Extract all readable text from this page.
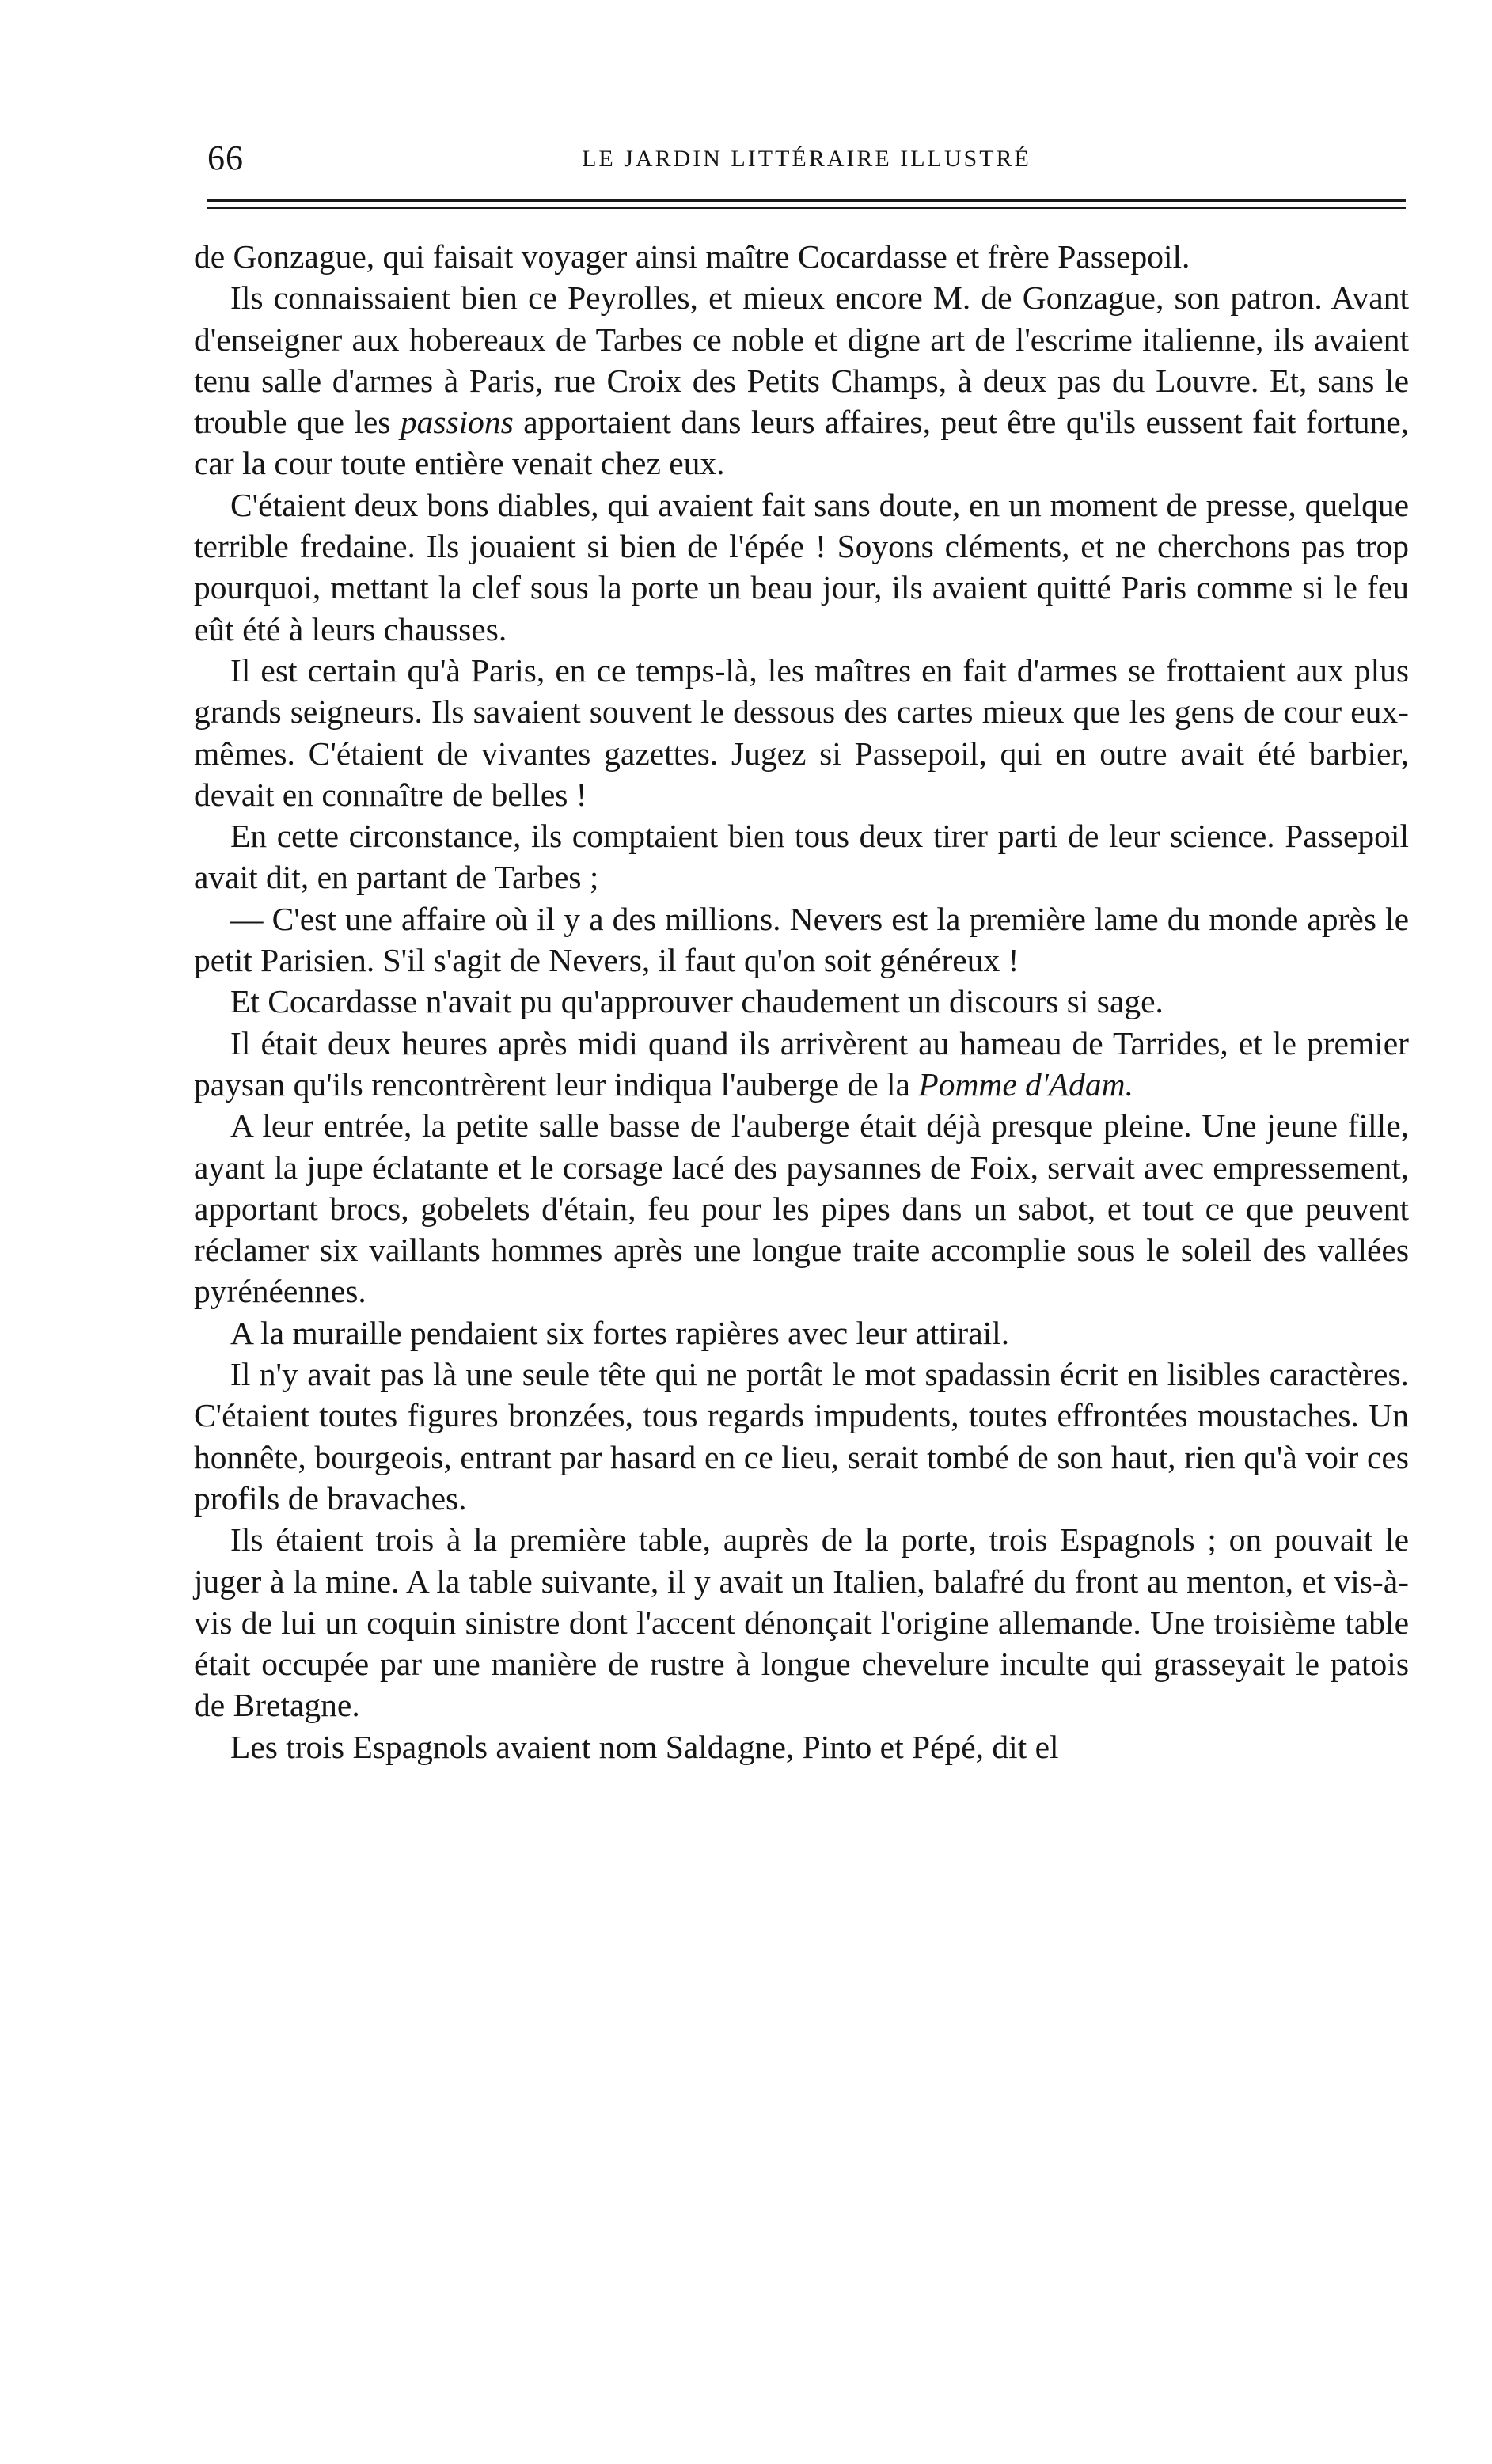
66	LE JARDIN LITTÉRAIRE ILLUSTRÉ

de Gonzague, qui faisait voyager ainsi maître Cocardasse et frère Passepoil.

Ils connaissaient bien ce Peyrolles, et mieux encore M. de Gonzague, son patron. Avant d'enseigner aux hobereaux de Tarbes ce noble et digne art de l'escrime italienne, ils avaient tenu salle d'armes à Paris, rue Croix des Petits Champs, à deux pas du Louvre. Et, sans le trouble que les passions apportaient dans leurs affaires, peut être qu'ils eussent fait fortune, car la cour toute entière venait chez eux.

C'étaient deux bons diables, qui avaient fait sans doute, en un moment de presse, quelque terrible fredaine. Ils jouaient si bien de l'épée ! Soyons cléments, et ne cherchons pas trop pourquoi, mettant la clef sous la porte un beau jour, ils avaient quitté Paris comme si le feu eût été à leurs chausses.

Il est certain qu'à Paris, en ce temps-là, les maîtres en fait d'armes se frottaient aux plus grands seigneurs. Ils savaient souvent le dessous des cartes mieux que les gens de cour eux-mêmes. C'étaient de vivantes gazettes. Jugez si Passepoil, qui en outre avait été barbier, devait en connaître de belles !

En cette circonstance, ils comptaient bien tous deux tirer parti de leur science. Passepoil avait dit, en partant de Tarbes ;

— C'est une affaire où il y a des millions. Nevers est la première lame du monde après le petit Parisien. S'il s'agit de Nevers, il faut qu'on soit généreux !

Et Cocardasse n'avait pu qu'approuver chaudement un discours si sage.

Il était deux heures après midi quand ils arrivèrent au hameau de Tarrides, et le premier paysan qu'ils rencontrèrent leur indiqua l'auberge de la Pomme d'Adam.

A leur entrée, la petite salle basse de l'auberge était déjà presque pleine. Une jeune fille, ayant la jupe éclatante et le corsage lacé des paysannes de Foix, servait avec empressement, apportant brocs, gobelets d'étain, feu pour les pipes dans un sabot, et tout ce que peuvent réclamer six vaillants hommes après une longue traite accomplie sous le soleil des vallées pyrénéennes.

A la muraille pendaient six fortes rapières avec leur attirail.

Il n'y avait pas là une seule tête qui ne portât le mot spadassin écrit en lisibles caractères. C'étaient toutes figures bronzées, tous regards impudents, toutes effrontées moustaches. Un honnête, bourgeois, entrant par hasard en ce lieu, serait tombé de son haut, rien qu'à voir ces profils de bravaches.

Ils étaient trois à la première table, auprès de la porte, trois Espagnols ; on pouvait le juger à la mine. A la table suivante, il y avait un Italien, balafré du front au menton, et vis-à-vis de lui un coquin sinistre dont l'accent dénonçait l'origine allemande. Une troisième table était occupée par une manière de rustre à longue chevelure inculte qui grasseyait le patois de Bretagne.

Les trois Espagnols avaient nom Saldagne, Pinto et Pépé, dit el
